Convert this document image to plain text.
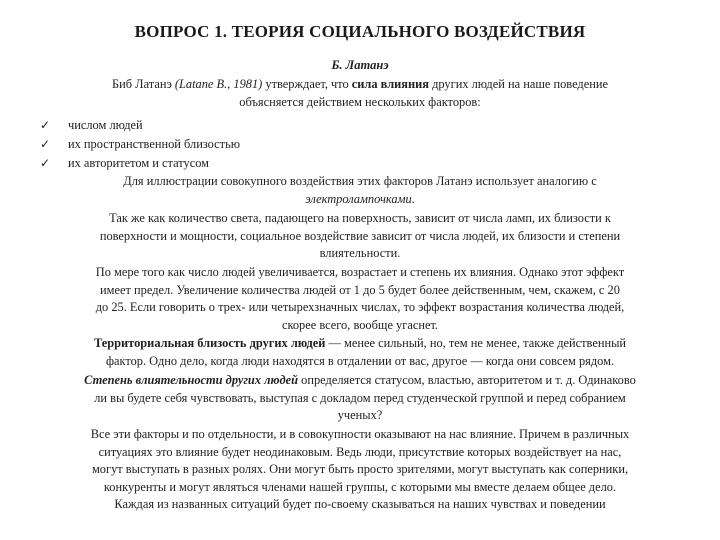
ВОПРОС 1. ТЕОРИЯ СОЦИАЛЬНОГО ВОЗДЕЙСТВИЯ
Б. Латанэ
Биб Латанэ (Latane B., 1981) утверждает, что сила влияния других людей на наше поведение
объясняется действием нескольких факторов:
✓	числом людей
✓	их пространственной близостью
✓	их авторитетом и статусом
Для иллюстрации совокупного воздействия этих факторов Латанэ использует аналогию с
электролампочками.
Так же как количество света, падающего на поверхность, зависит от числа ламп, их близости к
поверхности и мощности, социальное воздействие зависит от числа людей, их близости и степени
влиятельности.
По мере того как число людей увеличивается, возрастает и степень их влияния. Однако этот эффект
имеет предел. Увеличение количества людей от 1 до 5 будет более действенным, чем, скажем, с 20
до 25. Если говорить о трех- или четырехзначных числах, то эффект возрастания количества людей,
скорее всего, вообще угаснет.
Территориальная близость других людей — менее сильный, но, тем не менее, также действенный
фактор. Одно дело, когда люди находятся в отдалении от вас, другое — когда они совсем рядом.
Степень влиятельности других людей определяется статусом, властью, авторитетом и т. д. Одинаково
ли вы будете себя чувствовать, выступая с докладом перед студенческой группой и перед собранием
ученых?
Все эти факторы и по отдельности, и в совокупности оказывают на нас влияние. Причем в различных
ситуациях это влияние будет неодинаковым. Ведь люди, присутствие которых воздействует на нас,
могут выступать в разных ролях. Они могут быть просто зрителями, могут выступать как соперники,
конкуренты и могут являться членами нашей группы, с которыми мы вместе делаем общее дело.
Каждая из названных ситуаций будет по-своему сказываться на наших чувствах и поведении
